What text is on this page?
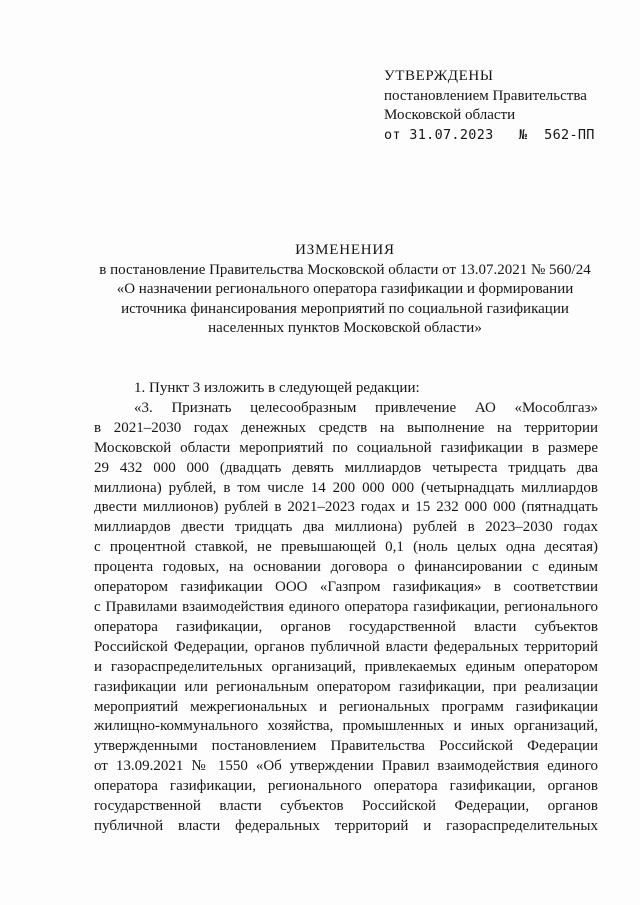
УТВЕРЖДЕНЫ
постановлением Правительства
Московской области
от 31.07.2023 № 562-ПП
ИЗМЕНЕНИЯ
в постановление Правительства Московской области от 13.07.2021 № 560/24
«О назначении регионального оператора газификации и формировании
источника финансирования мероприятий по социальной газификации
населенных пунктов Московской области»

1. Пункт 3 изложить в следующей редакции:

«3. Признать целесообразным привлечение АО «Мособлгаз»
в 2021–2030 годах денежных средств на выполнение на территории
Московской области мероприятий по социальной газификации в размере
29 432 000 000 (двадцать девять миллиардов четыреста тридцать два
миллиона) рублей, в том числе 14 200 000 000 (четырнадцать миллиардов
двести миллионов) рублей в 2021–2023 годах и 15 232 000 000 (пятнадцать
миллиардов двести тридцать два миллиона) рублей в 2023–2030 годах
с процентной ставкой, не превышающей 0,1 (ноль целых одна десятая)
процента годовых, на основании договора о финансировании с единым
оператором газификации ООО «Газпром газификация» в соответствии
с Правилами взаимодействия единого оператора газификации, регионального
оператора газификации, органов государственной власти субъектов
Российской Федерации, органов публичной власти федеральных территорий
и газораспределительных организаций, привлекаемых единым оператором
газификации или региональным оператором газификации, при реализации
мероприятий межрегиональных и региональных программ газификации
жилищно-коммунального хозяйства, промышленных и иных организаций,
утвержденными постановлением Правительства Российской Федерации
от 13.09.2021 № 1550 «Об утверждении Правил взаимодействия единого
оператора газификации, регионального оператора газификации, органов
государственной власти субъектов Российской Федерации, органов
публичной власти федеральных территорий и газораспределительных
